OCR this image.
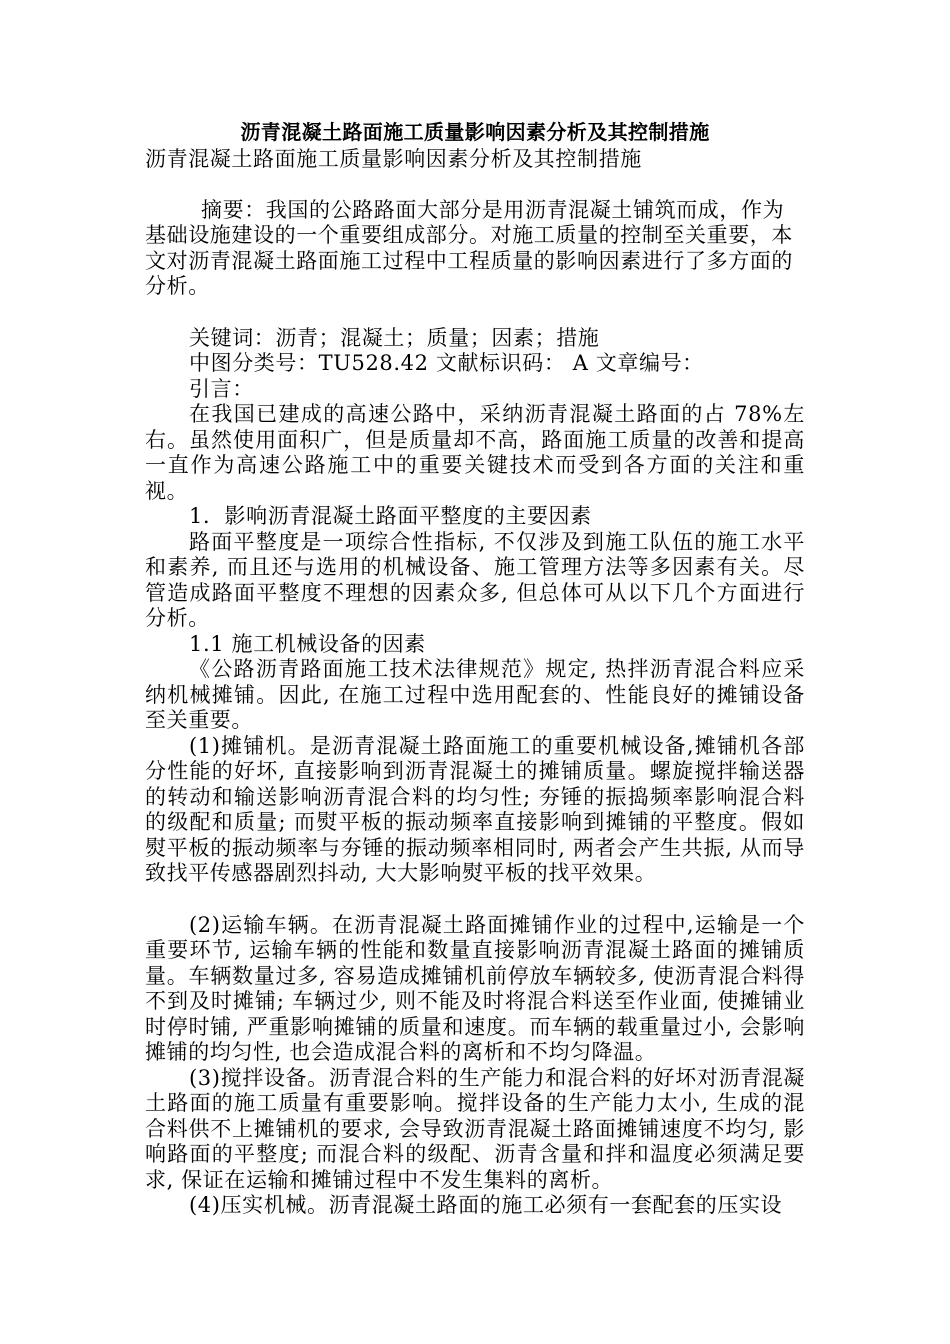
沥青混凝土路面施工质量影响因素分析及其控制措施

沥青混凝土路面施工质量影响因素分析及其控制措施

摘要：我国的公路路面大部分是用沥青混凝土铺筑而成，作为基础设施建设的一个重要组成部分。对施工质量的控制至关重要，本文对沥青混凝土路面施工过程中工程质量的影响因素进行了多方面的分析。

关键词：沥青；混凝土；质量；因素；措施

中图分类号：TU528.42 文献标识码： A 文章编号：

引言：

在我国已建成的高速公路中，采纳沥青混凝土路面的占 78%左右。虽然使用面积广，但是质量却不高，路面施工质量的改善和提高一直作为高速公路施工中的重要关键技术而受到各方面的关注和重视。

1．影响沥青混凝土路面平整度的主要因素

路面平整度是一项综合性指标, 不仅涉及到施工队伍的施工水平和素养, 而且还与选用的机械设备、施工管理方法等多因素有关。尽管造成路面平整度不理想的因素众多, 但总体可从以下几个方面进行分析。

1.1 施工机械设备的因素

《公路沥青路面施工技术法律规范》规定, 热拌沥青混合料应采纳机械摊铺。因此, 在施工过程中选用配套的、性能良好的摊铺设备至关重要。

(1)摊铺机。是沥青混凝土路面施工的重要机械设备,摊铺机各部分性能的好坏, 直接影响到沥青混凝土的摊铺质量。螺旋搅拌输送器的转动和输送影响沥青混合料的均匀性; 夯锤的振捣频率影响混合料的级配和质量; 而熨平板的振动频率直接影响到摊铺的平整度。假如熨平板的振动频率与夯锤的振动频率相同时, 两者会产生共振, 从而导致找平传感器剧烈抖动, 大大影响熨平板的找平效果。

(2)运输车辆。在沥青混凝土路面摊铺作业的过程中,运输是一个重要环节, 运输车辆的性能和数量直接影响沥青混凝土路面的摊铺质量。车辆数量过多, 容易造成摊铺机前停放车辆较多, 使沥青混合料得不到及时摊铺; 车辆过少, 则不能及时将混合料送至作业面, 使摊铺业时停时铺, 严重影响摊铺的质量和速度。而车辆的载重量过小, 会影响摊铺的均匀性, 也会造成混合料的离析和不均匀降温。

(3)搅拌设备。沥青混合料的生产能力和混合料的好坏对沥青混凝土路面的施工质量有重要影响。搅拌设备的生产能力太小, 生成的混合料供不上摊铺机的要求, 会导致沥青混凝土路面摊铺速度不均匀, 影响路面的平整度; 而混合料的级配、沥青含量和拌和温度必须满足要求, 保证在运输和摊铺过程中不发生集料的离析。

(4)压实机械。沥青混凝土路面的施工必须有一套配套的压实设
